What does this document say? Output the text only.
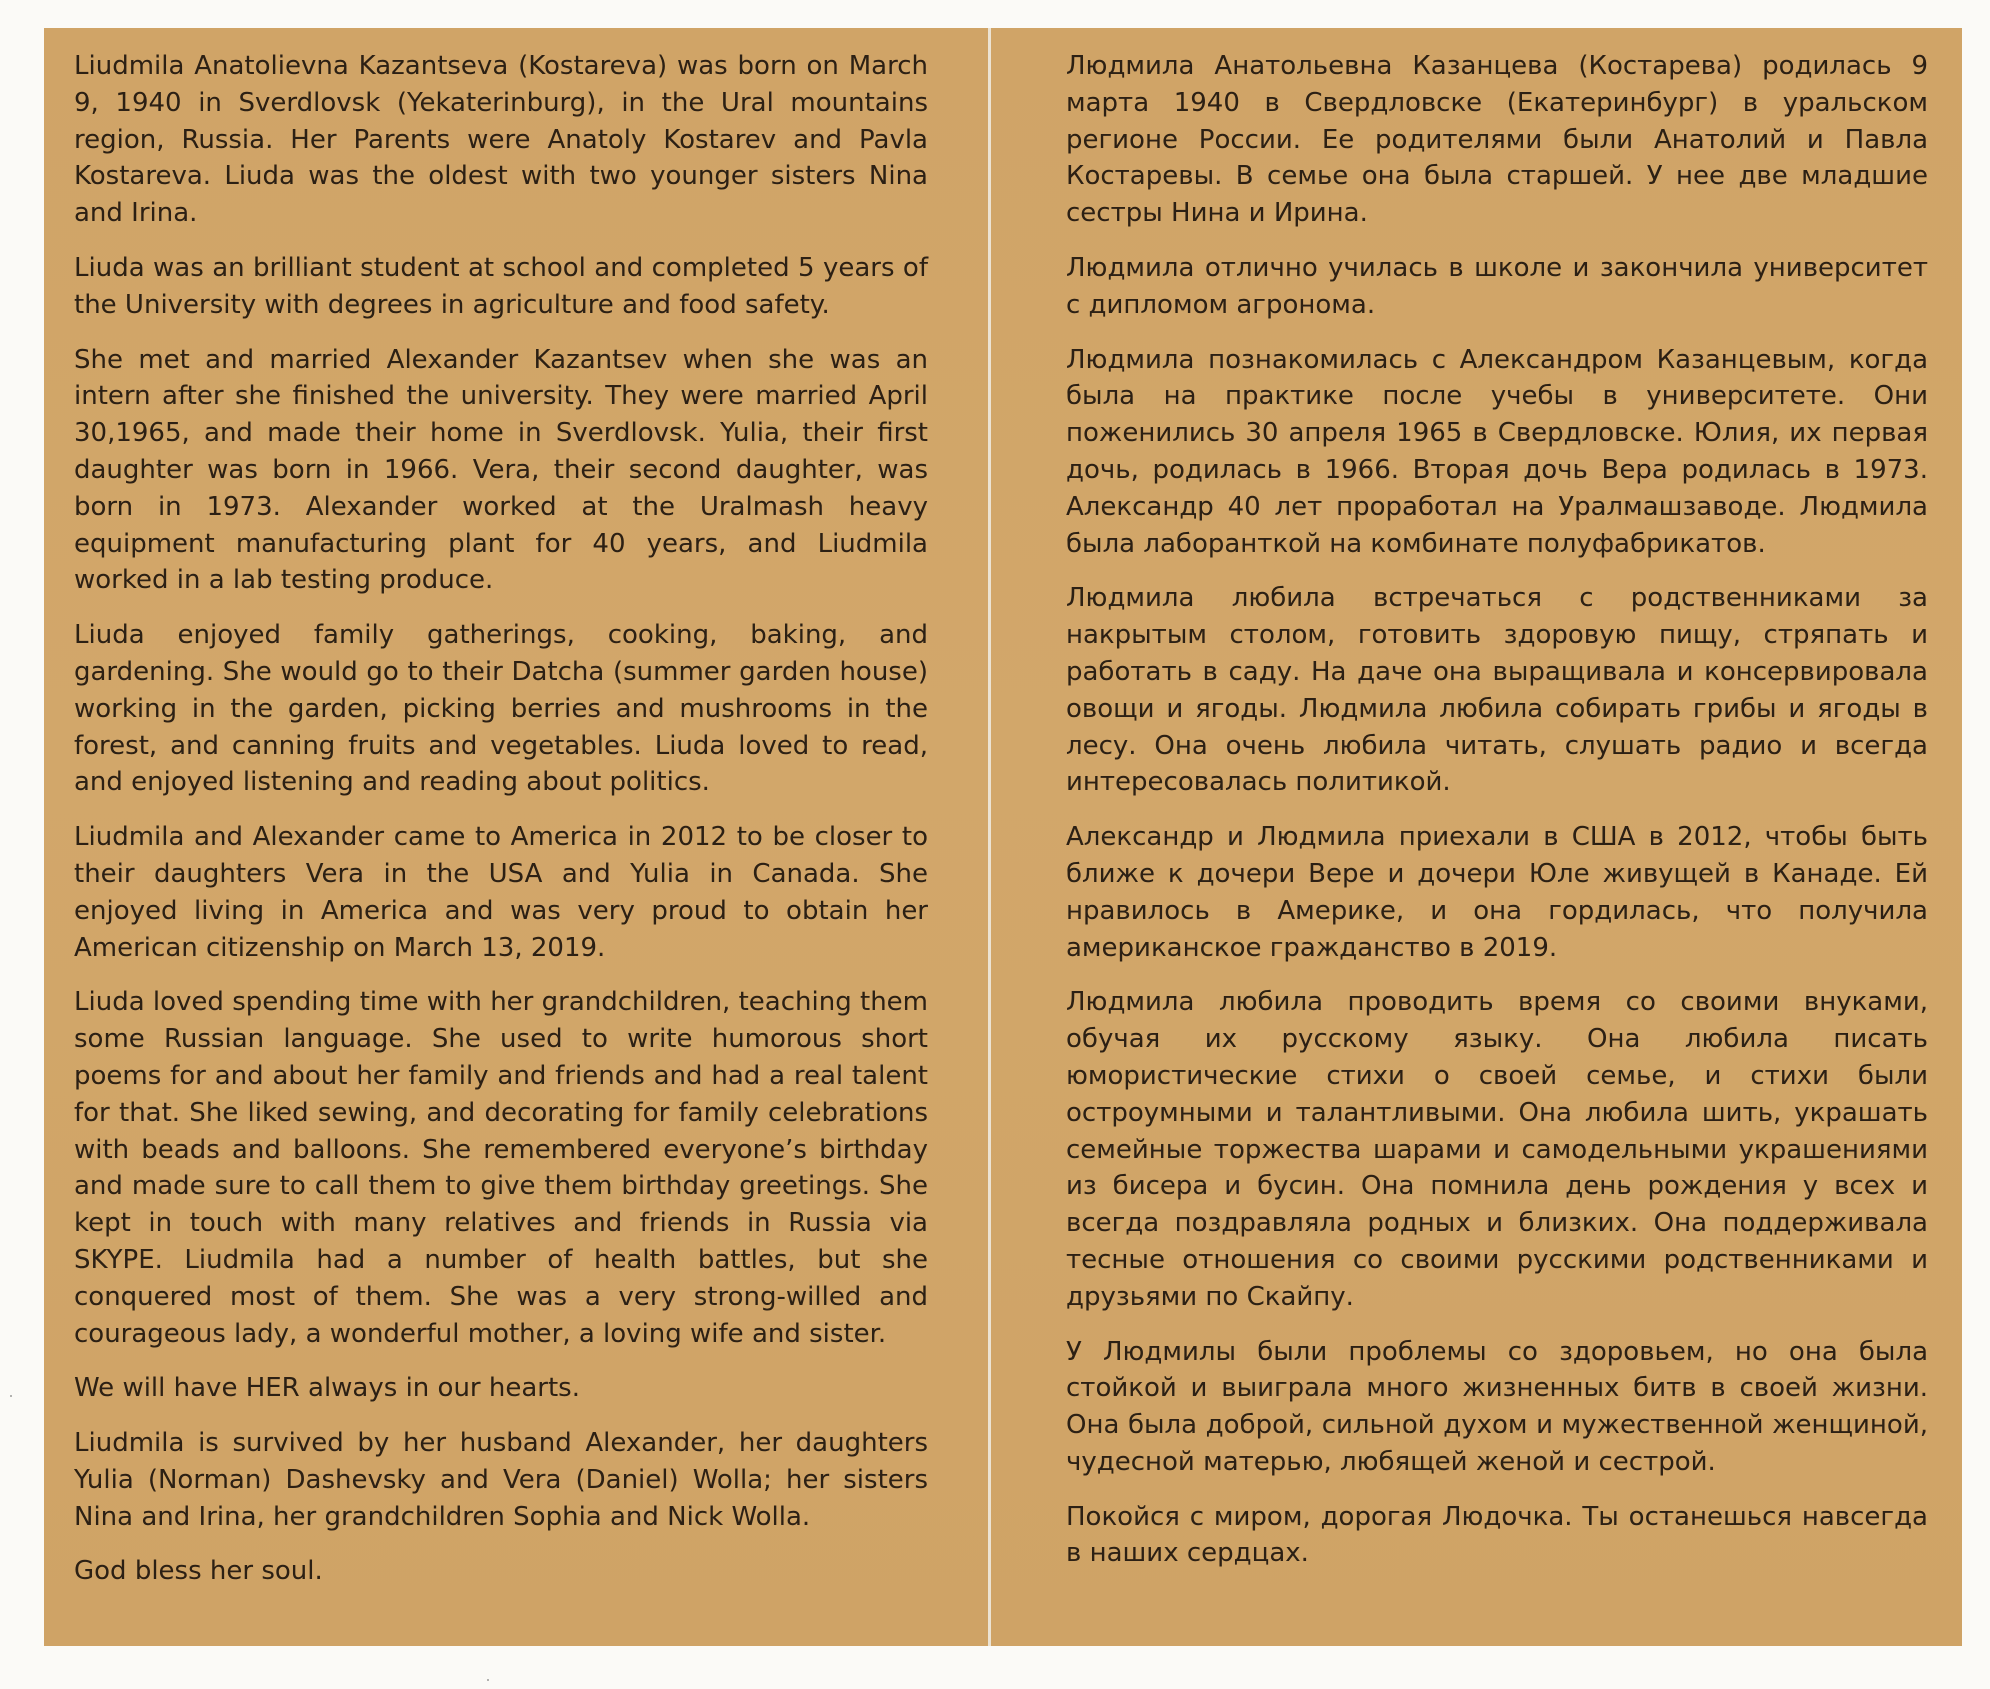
Liudmila Anatolievna Kazantseva (Kostareva) was born on March 9, 1940 in Sverdlovsk (Yekaterinburg), in the Ural mountains region, Russia. Her Parents were Anatoly Kostarev and Pavla Kostareva. Liuda was the oldest with two younger sisters Nina and Irina.

Liuda was an brilliant student at school and completed 5 years of the University with degrees in agriculture and food safety.

She met and married Alexander Kazantsev when she was an intern after she finished the university. They were married April 30,1965, and made their home in Sverdlovsk. Yulia, their first daughter was born in 1966. Vera, their second daughter, was born in 1973. Alexander worked at the Uralmash heavy equipment manufacturing plant for 40 years, and Liudmila worked in a lab testing produce.

Liuda enjoyed family gatherings, cooking, baking, and gardening. She would go to their Datcha (summer garden house) working in the garden, picking berries and mushrooms in the forest, and canning fruits and vegetables. Liuda loved to read, and enjoyed listening and reading about politics.

Liudmila and Alexander came to America in 2012 to be closer to their daughters Vera in the USA and Yulia in Canada. She enjoyed living in America and was very proud to obtain her American citizenship on March 13, 2019.

Liuda loved spending time with her grandchildren, teaching them some Russian language. She used to write humorous short poems for and about her family and friends and had a real talent for that. She liked sewing, and decorating for family celebrations with beads and balloons. She remembered everyone’s birthday and made sure to call them to give them birthday greetings. She kept in touch with many relatives and friends in Russia via SKYPE. Liudmila had a number of health battles, but she conquered most of them. She was a very strong-willed and courageous lady, a wonderful mother, a loving wife and sister.

We will have HER always in our hearts.

Liudmila is survived by her husband Alexander, her daughters Yulia (Norman) Dashevsky and Vera (Daniel) Wolla; her sisters Nina and Irina, her grandchildren Sophia and Nick Wolla.

God bless her soul.

Людмила Анатольевна Казанцева (Костарева) родилась 9 марта 1940 в Свердловске (Екатеринбург) в уральском регионе России. Ее родителями были Анатолий и Павла Костаревы. В семье она была старшей. У нее две младшие сестры Нина и Ирина.

Людмила отлично училась в школе и закончила университет с дипломом агронома.

Людмила познакомилась с Александром Казанцевым, когда была на практике после учебы в университете. Они поженились 30 апреля 1965 в Свердловске. Юлия, их первая дочь, родилась в 1966. Вторая дочь Вера родилась в 1973. Александр 40 лет проработал на Уралмашзаводе. Людмила была лаборанткой на комбинате полуфабрикатов.

Людмила любила встречаться с родственниками за накрытым столом, готовить здоровую пищу, стряпать и работать в саду. На даче она выращивала и консервировала овощи и ягоды. Людмила любила собирать грибы и ягоды в лесу. Она очень любила читать, слушать радио и всегда интересовалась политикой.

Александр и Людмила приехали в США в 2012, чтобы быть ближе к дочери Вере и дочери Юле живущей в Канаде. Ей нравилось в Америке, и она гордилась, что получила американское гражданство в 2019.

Людмила любила проводить время со своими внуками, обучая их русскому языку. Она любила писать юмористические стихи о своей семье, и стихи были остроумными и талантливыми. Она любила шить, украшать семейные торжества шарами и самодельными украшениями из бисера и бусин. Она помнила день рождения у всех и всегда поздравляла родных и близких. Она поддерживала тесные отношения со своими русскими родственниками и друзьями по Скайпу.

У Людмилы были проблемы со здоровьем, но она была стойкой и выиграла много жизненных битв в своей жизни. Она была доброй, сильной духом и мужественной женщиной, чудесной матерью, любящей женой и сестрой.

Покойся с миром, дорогая Людочка. Ты останешься навсегда в наших сердцах.
